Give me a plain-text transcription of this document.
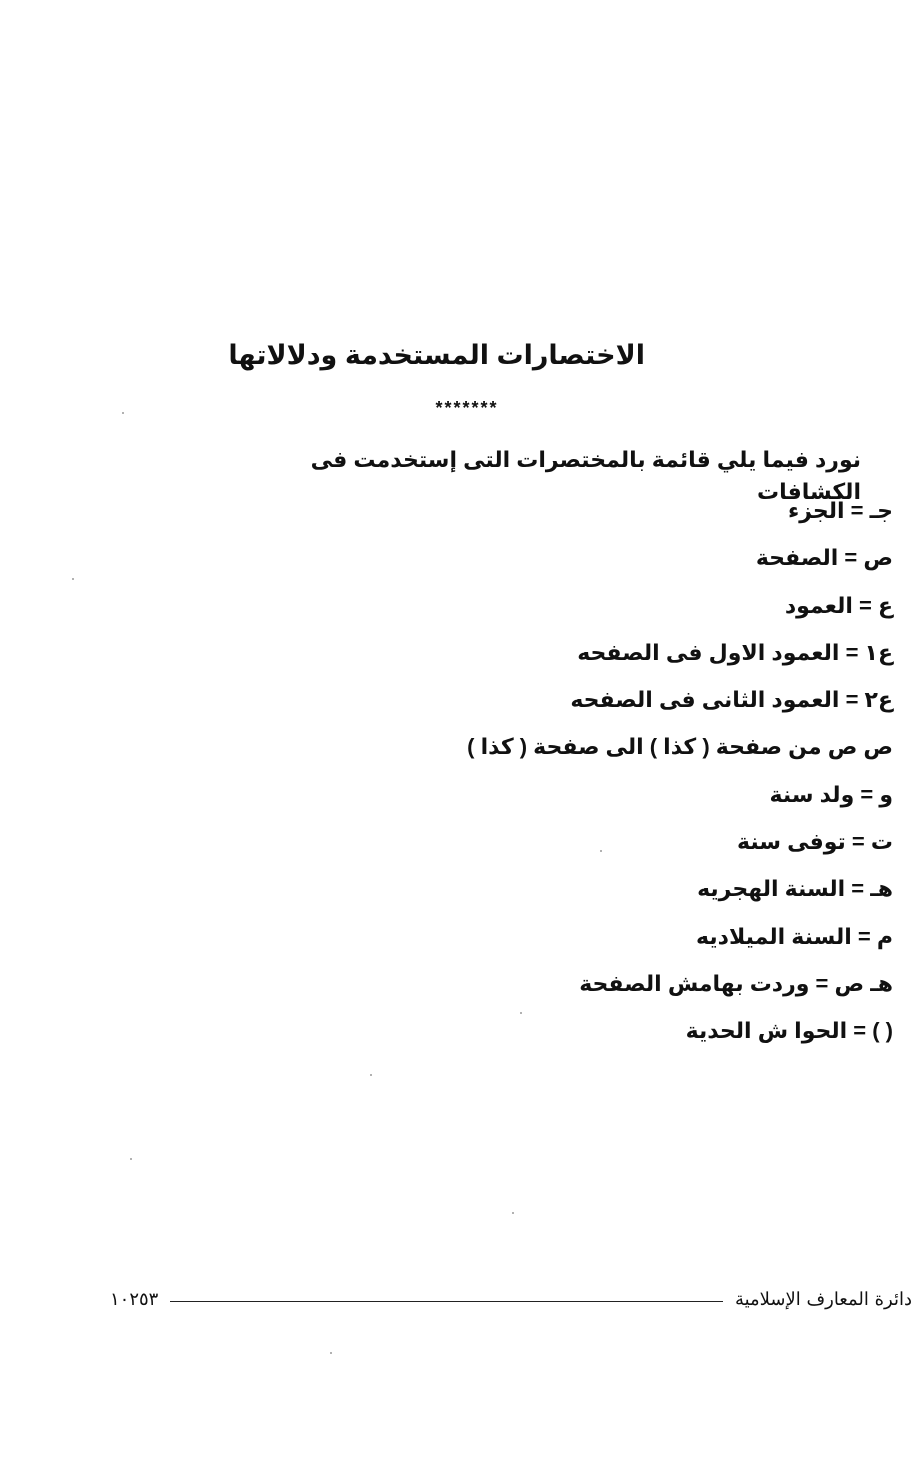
الاختصارات المستخدمة ودلالاتها
*******
نورد فيما يلي قائمة بالمختصرات التى إستخدمت فى الكشافات
جـ = الجزء
ص = الصفحة
ع = العمود
ع١ = العمود الاول فى الصفحه
ع٢ = العمود الثانى فى الصفحه
ص ص من صفحة ( كذا ) الى صفحة ( كذا )
و = ولد سنة
ت = توفى سنة
هـ = السنة الهجريه
م = السنة الميلاديه
هـ ص = وردت بهامش الصفحة
( ) = الحوا ش الحدية
دائرة المعارف الإسلامية
١٠٢٥٣
